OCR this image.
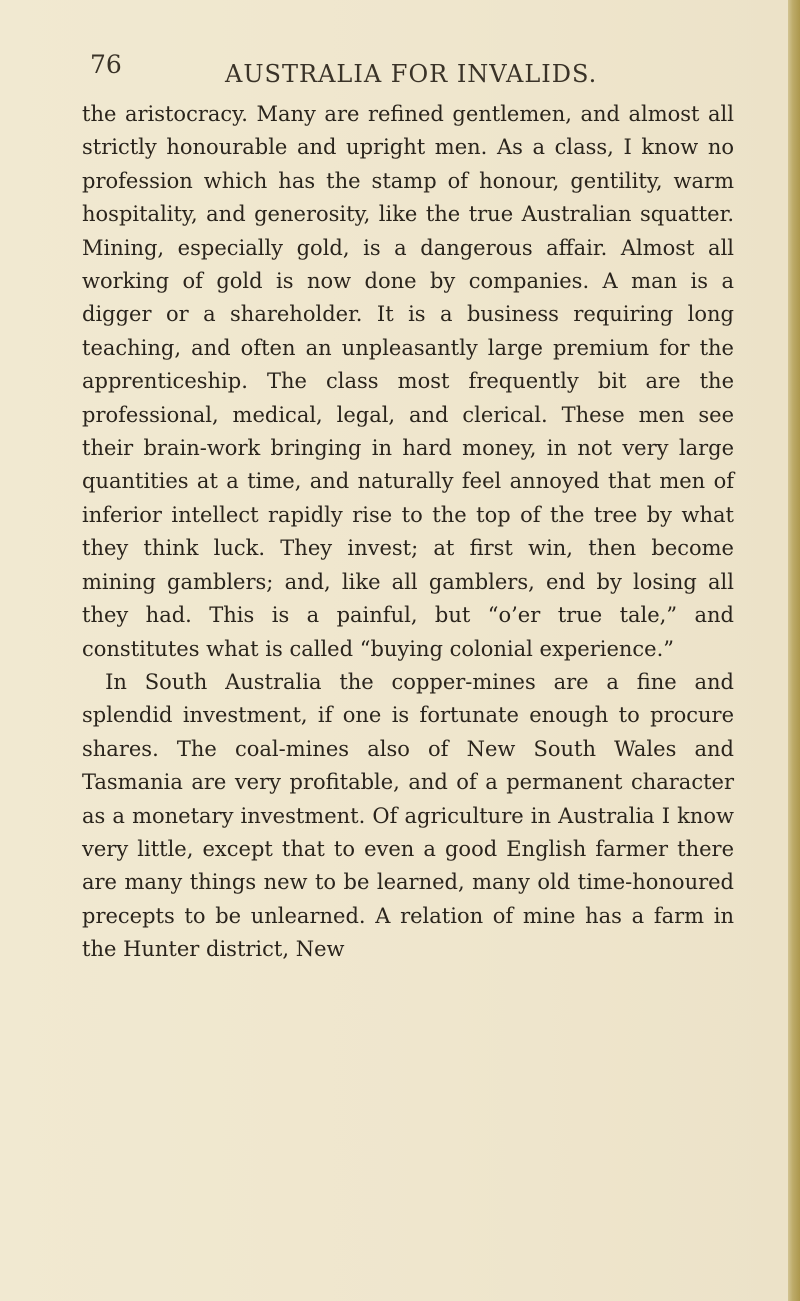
76	AUSTRALIA FOR INVALIDS.

the aristocracy. Many are refined gentlemen, and almost all strictly honourable and upright men. As a class, I know no profession which has the stamp of honour, gentility, warm hospitality, and generosity, like the true Australian squatter. Mining, especially gold, is a dangerous affair. Almost all working of gold is now done by companies. A man is a digger or a shareholder. It is a business requiring long teaching, and often an unpleasantly large premium for the apprenticeship. The class most frequently bit are the professional, medical, legal, and clerical. These men see their brain-work bringing in hard money, in not very large quantities at a time, and naturally feel annoyed that men of inferior intellect rapidly rise to the top of the tree by what they think luck. They invest; at first win, then become mining gamblers; and, like all gamblers, end by losing all they had. This is a painful, but “o’er true tale,” and constitutes what is called “buying colonial experience.”

In South Australia the copper-mines are a fine and splendid investment, if one is fortunate enough to procure shares. The coal-mines also of New South Wales and Tasmania are very profitable, and of a permanent character as a monetary investment. Of agriculture in Australia I know very little, except that to even a good English farmer there are many things new to be learned, many old time-honoured precepts to be unlearned. A relation of mine has a farm in the Hunter district, New
